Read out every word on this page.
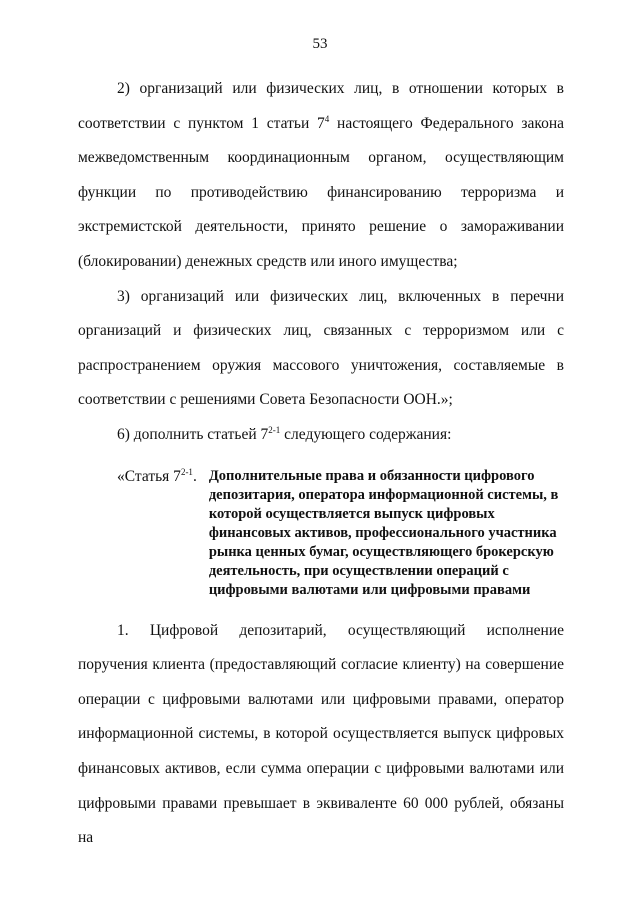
53

2) организаций или физических лиц, в отношении которых в соответствии с пунктом 1 статьи $7^4$ настоящего Федерального закона межведомственным координационным органом, осуществляющим функции по противодействию финансированию терроризма и экстремистской деятельности, принято решение о замораживании (блокировании) денежных средств или иного имущества;

3) организаций или физических лиц, включенных в перечни организаций и физических лиц, связанных с терроризмом или с распространением оружия массового уничтожения, составляемые в соответствии с решениями Совета Безопасности ООН.»;

6) дополнить статьей 7$^{2-1}$ следующего содержания:

«Статья 7$^{2-1}$. Дополнительные права и обязанности цифрового депозитария, оператора информационной системы, в которой осуществляется выпуск цифровых финансовых активов, профессионального участника рынка ценных бумаг, осуществляющего брокерскую деятельность, при осуществлении операций с цифровыми валютами или цифровыми правами

1. Цифровой депозитарий, осуществляющий исполнение поручения клиента (предоставляющий согласие клиенту) на совершение операции с цифровыми валютами или цифровыми правами, оператор информационной системы, в которой осуществляется выпуск цифровых финансовых активов, если сумма операции с цифровыми валютами или цифровыми правами превышает в эквиваленте 60 000 рублей, обязаны на
